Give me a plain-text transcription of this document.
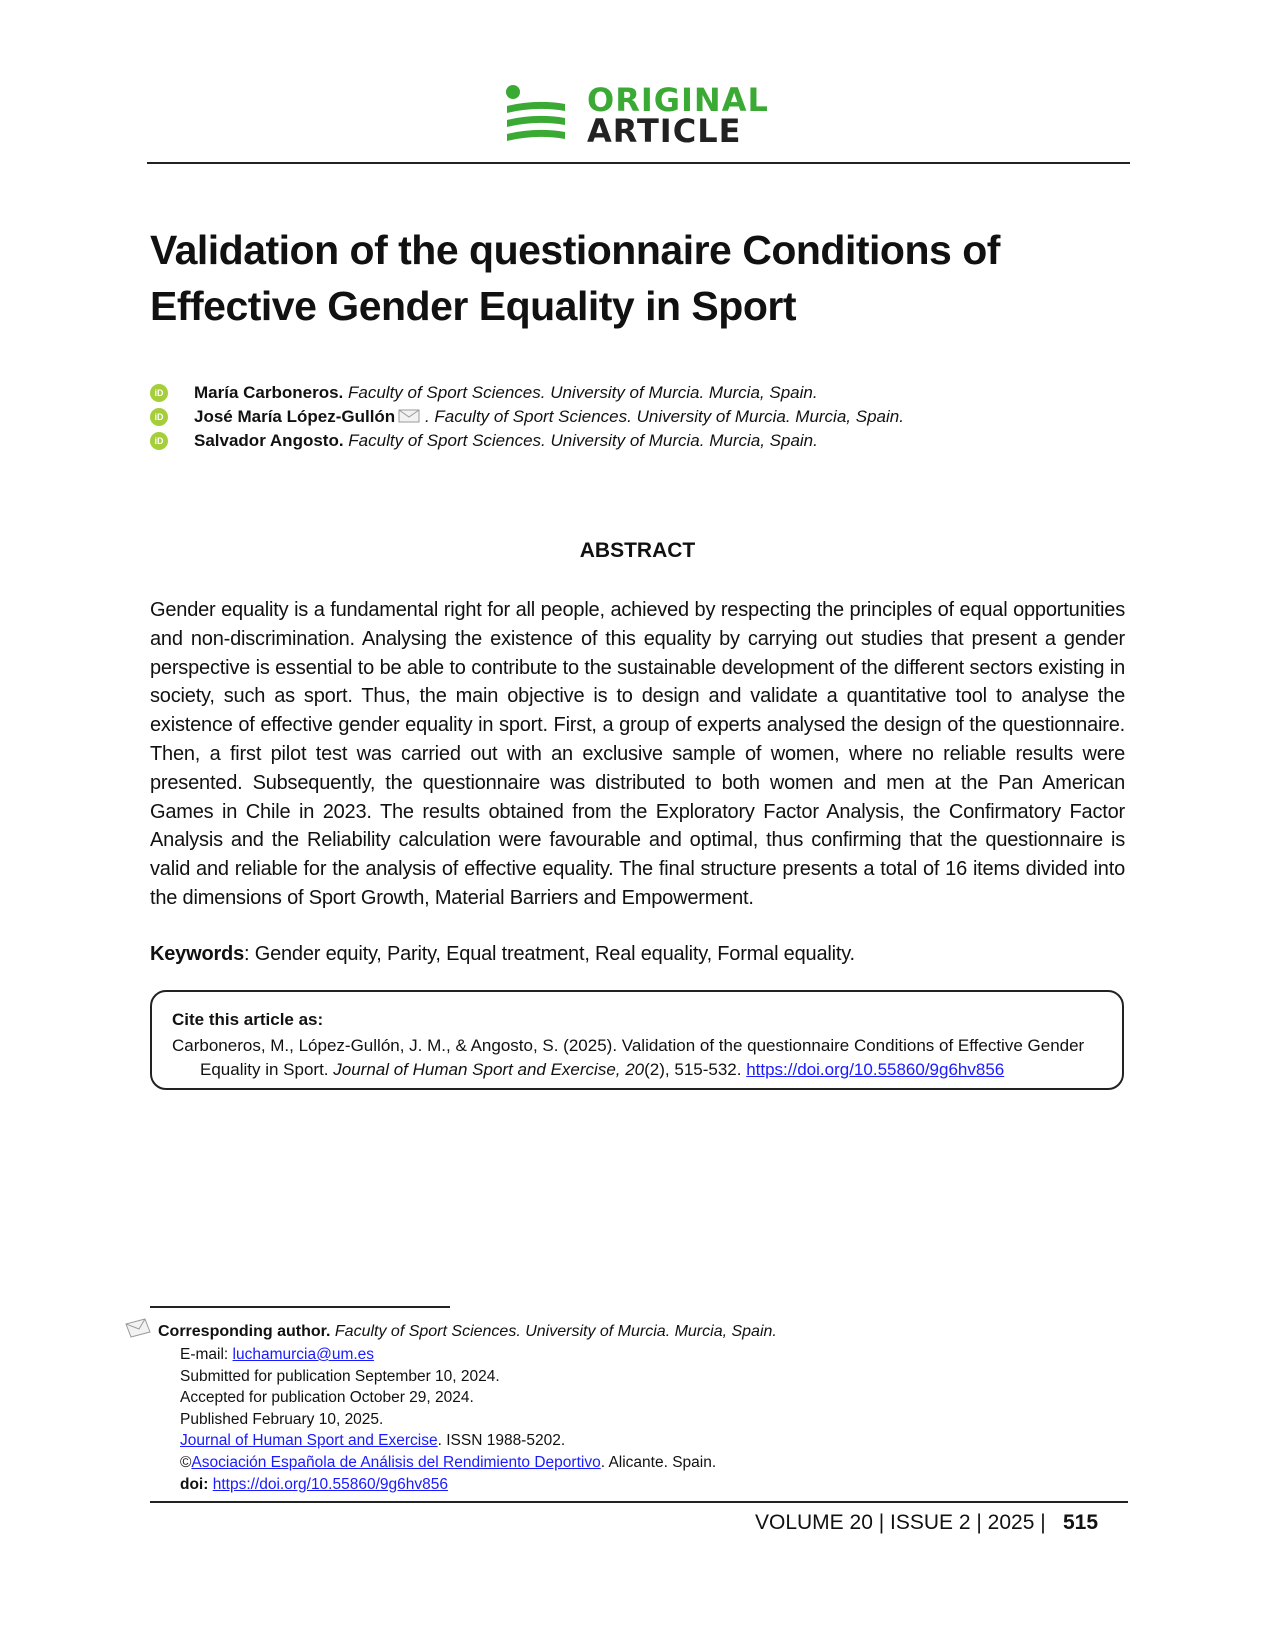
ORIGINAL
ARTICLE
Validation of the questionnaire Conditions of Effective Gender Equality in Sport
iD María Carboneros. Faculty of Sport Sciences. University of Murcia. Murcia, Spain.
iD José María López-Gullón . Faculty of Sport Sciences. University of Murcia. Murcia, Spain.
iD Salvador Angosto. Faculty of Sport Sciences. University of Murcia. Murcia, Spain.
ABSTRACT

Gender equality is a fundamental right for all people, achieved by respecting the principles of equal opportunities and non-discrimination. Analysing the existence of this equality by carrying out studies that present a gender perspective is essential to be able to contribute to the sustainable development of the different sectors existing in society, such as sport. Thus, the main objective is to design and validate a quantitative tool to analyse the existence of effective gender equality in sport. First, a group of experts analysed the design of the questionnaire. Then, a first pilot test was carried out with an exclusive sample of women, where no reliable results were presented. Subsequently, the questionnaire was distributed to both women and men at the Pan American Games in Chile in 2023. The results obtained from the Exploratory Factor Analysis, the Confirmatory Factor Analysis and the Reliability calculation were favourable and optimal, thus confirming that the questionnaire is valid and reliable for the analysis of effective equality. The final structure presents a total of 16 items divided into the dimensions of Sport Growth, Material Barriers and Empowerment.

Keywords: Gender equity, Parity, Equal treatment, Real equality, Formal equality.

Cite this article as:
Carboneros, M., López-Gullón, J. M., & Angosto, S. (2025). Validation of the questionnaire Conditions of Effective Gender Equality in Sport. Journal of Human Sport and Exercise, 20(2), 515-532. https://doi.org/10.55860/9g6hv856
Corresponding author. Faculty of Sport Sciences. University of Murcia. Murcia, Spain.
E-mail: luchamurcia@um.es
Submitted for publication September 10, 2024.
Accepted for publication October 29, 2024.
Published February 10, 2025.
Journal of Human Sport and Exercise. ISSN 1988-5202.
©Asociación Española de Análisis del Rendimiento Deportivo. Alicante. Spain.
doi: https://doi.org/10.55860/9g6hv856
VOLUME 20 | ISSUE 2 | 2025 | 515
